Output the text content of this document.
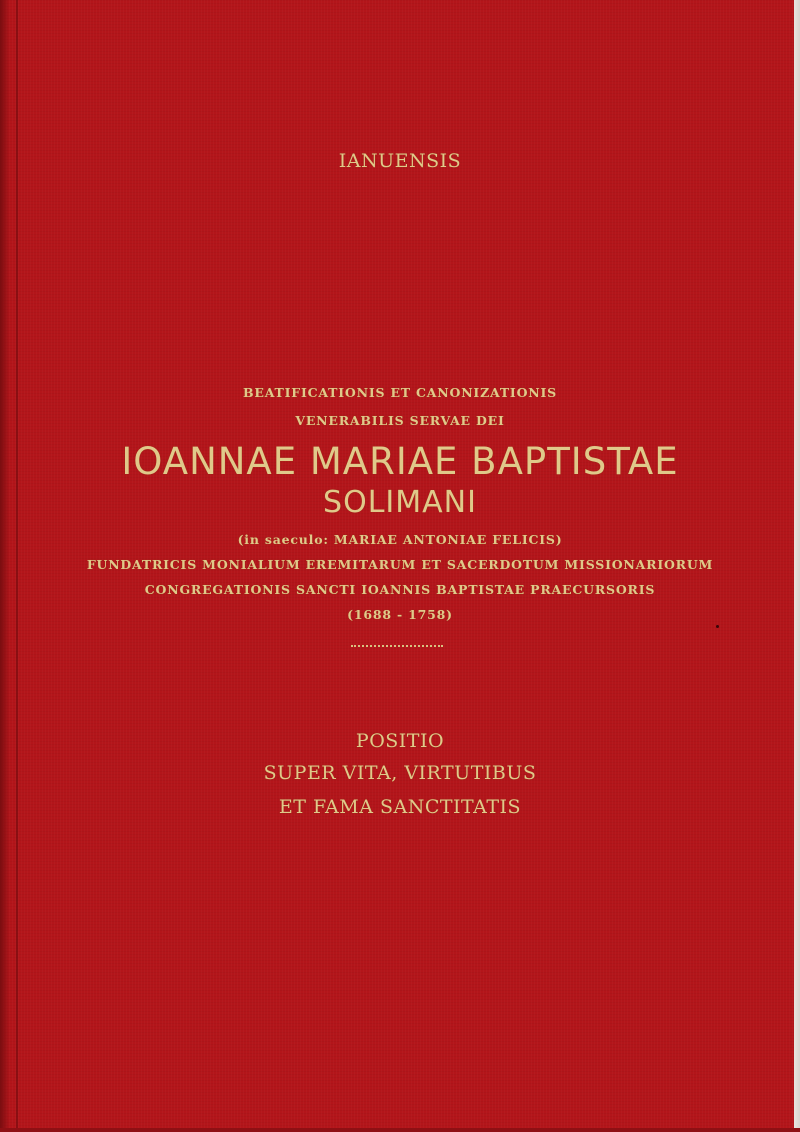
IANUENSIS
BEATIFICATIONIS ET CANONIZATIONIS
VENERABILIS SERVAE DEI
IOANNAE MARIAE BAPTISTAE
SOLIMANI
(in saeculo: MARIAE ANTONIAE FELICIS)
FUNDATRICIS MONIALIUM EREMITARUM ET SACERDOTUM MISSIONARIORUM
CONGREGATIONIS SANCTI IOANNIS BAPTISTAE PRAECURSORIS
(1688 - 1758)
POSITIO
SUPER VITA, VIRTUTIBUS
ET FAMA SANCTITATIS
